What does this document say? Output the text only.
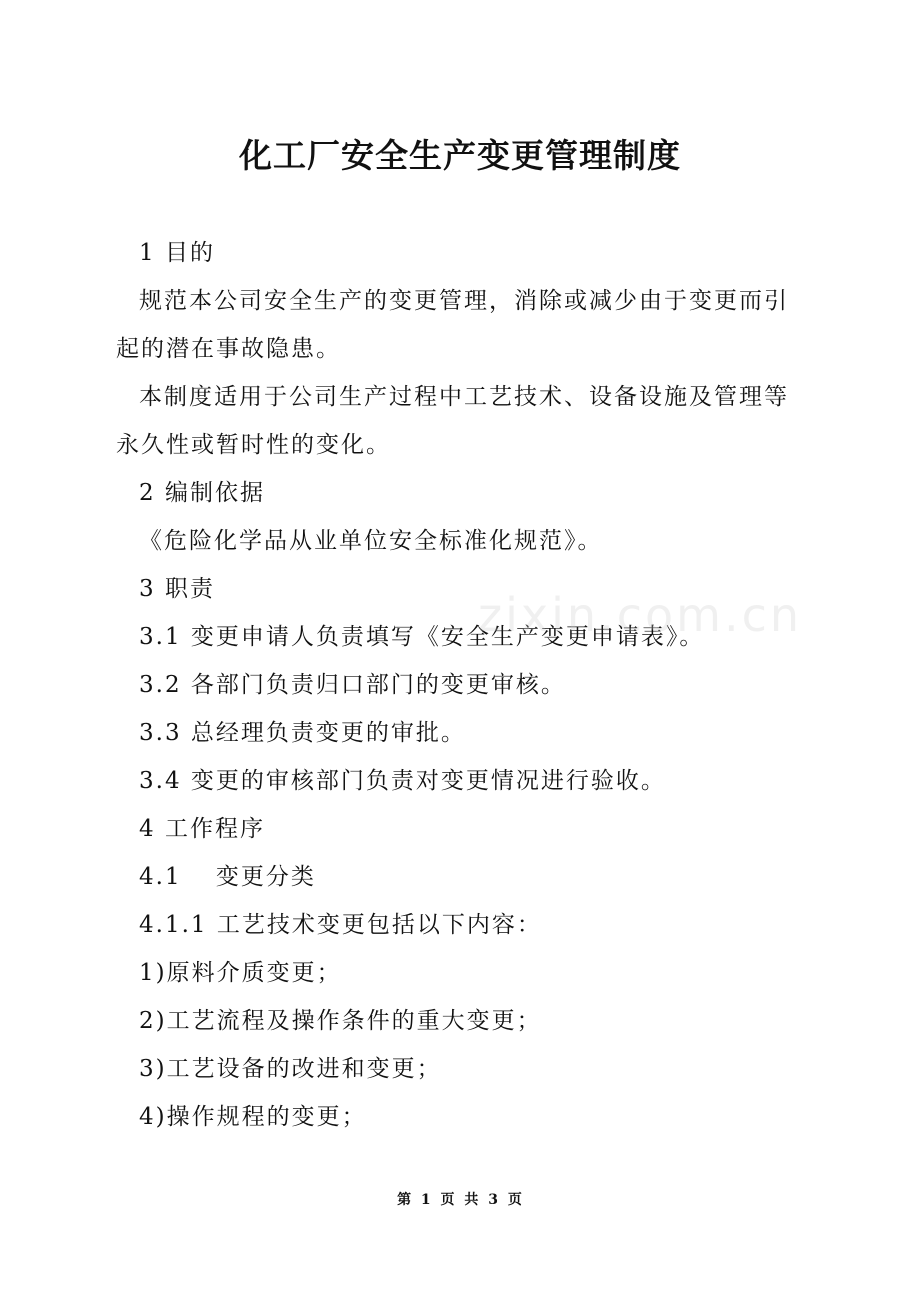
化工厂安全生产变更管理制度

1 目的

规范本公司安全生产的变更管理，消除或减少由于变更而引起的潜在事故隐患。

本制度适用于公司生产过程中工艺技术、设备设施及管理等永久性或暂时性的变化。

2 编制依据

《危险化学品从业单位安全标准化规范》。

3 职责

3.1 变更申请人负责填写《安全生产变更申请表》。

3.2 各部门负责归口部门的变更审核。

3.3 总经理负责变更的审批。

3.4 变更的审核部门负责对变更情况进行验收。

4 工作程序

4.1　 变更分类

4.1.1 工艺技术变更包括以下内容：

1)原料介质变更；

2)工艺流程及操作条件的重大变更；

3)工艺设备的改进和变更；

4)操作规程的变更；

zixin.com.cn
第 1 页 共 3 页
